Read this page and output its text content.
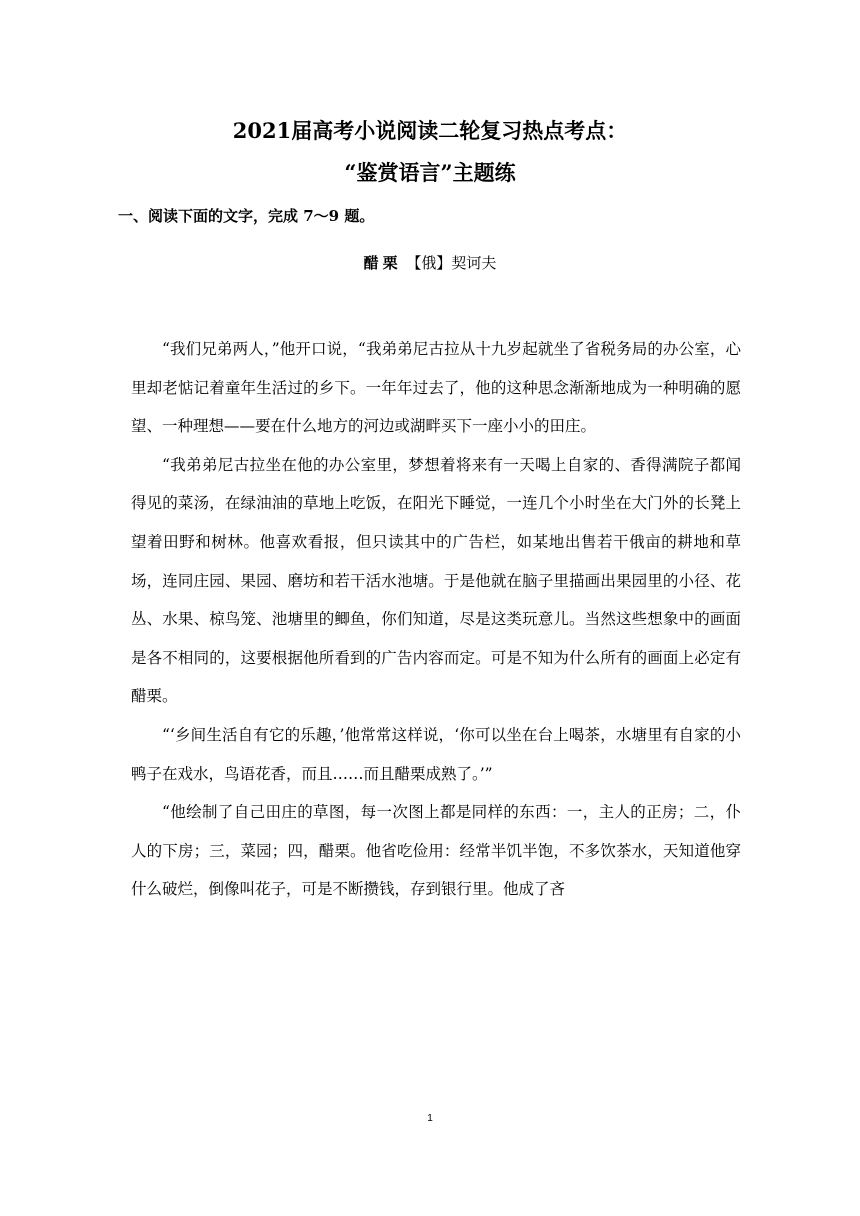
2021届高考小说阅读二轮复习热点考点：
“鉴赏语言”主题练
一、阅读下面的文字，完成 7～9 题。
醋栗 【俄】契诃夫

“我们兄弟两人，”他开口说，“我弟弟尼古拉从十九岁起就坐了省税务局的办公室，心里却老惦记着童年生活过的乡下。一年年过去了，他的这种思念渐渐地成为一种明确的愿望、一种理想——要在什么地方的河边或湖畔买下一座小小的田庄。

“我弟弟尼古拉坐在他的办公室里，梦想着将来有一天喝上自家的、香得满院子都闻得见的菜汤，在绿油油的草地上吃饭，在阳光下睡觉，一连几个小时坐在大门外的长凳上望着田野和树林。他喜欢看报，但只读其中的广告栏，如某地出售若干俄亩的耕地和草场，连同庄园、果园、磨坊和若干活水池塘。于是他就在脑子里描画出果园里的小径、花丛、水果、椋鸟笼、池塘里的鲫鱼，你们知道，尽是这类玩意儿。当然这些想象中的画面是各不相同的，这要根据他所看到的广告内容而定。可是不知为什么所有的画面上必定有醋栗。

“‘乡间生活自有它的乐趣，’他常常这样说，‘你可以坐在台上喝茶，水塘里有自家的小鸭子在戏水，鸟语花香，而且……而且醋栗成熟了。’”

“他绘制了自己田庄的草图，每一次图上都是同样的东西：一，主人的正房；二，仆人的下房；三，菜园；四，醋栗。他省吃俭用：经常半饥半饱，不多饮茶水，天知道他穿什么破烂，倒像叫花子，可是不断攒钱，存到银行里。他成了吝

1
